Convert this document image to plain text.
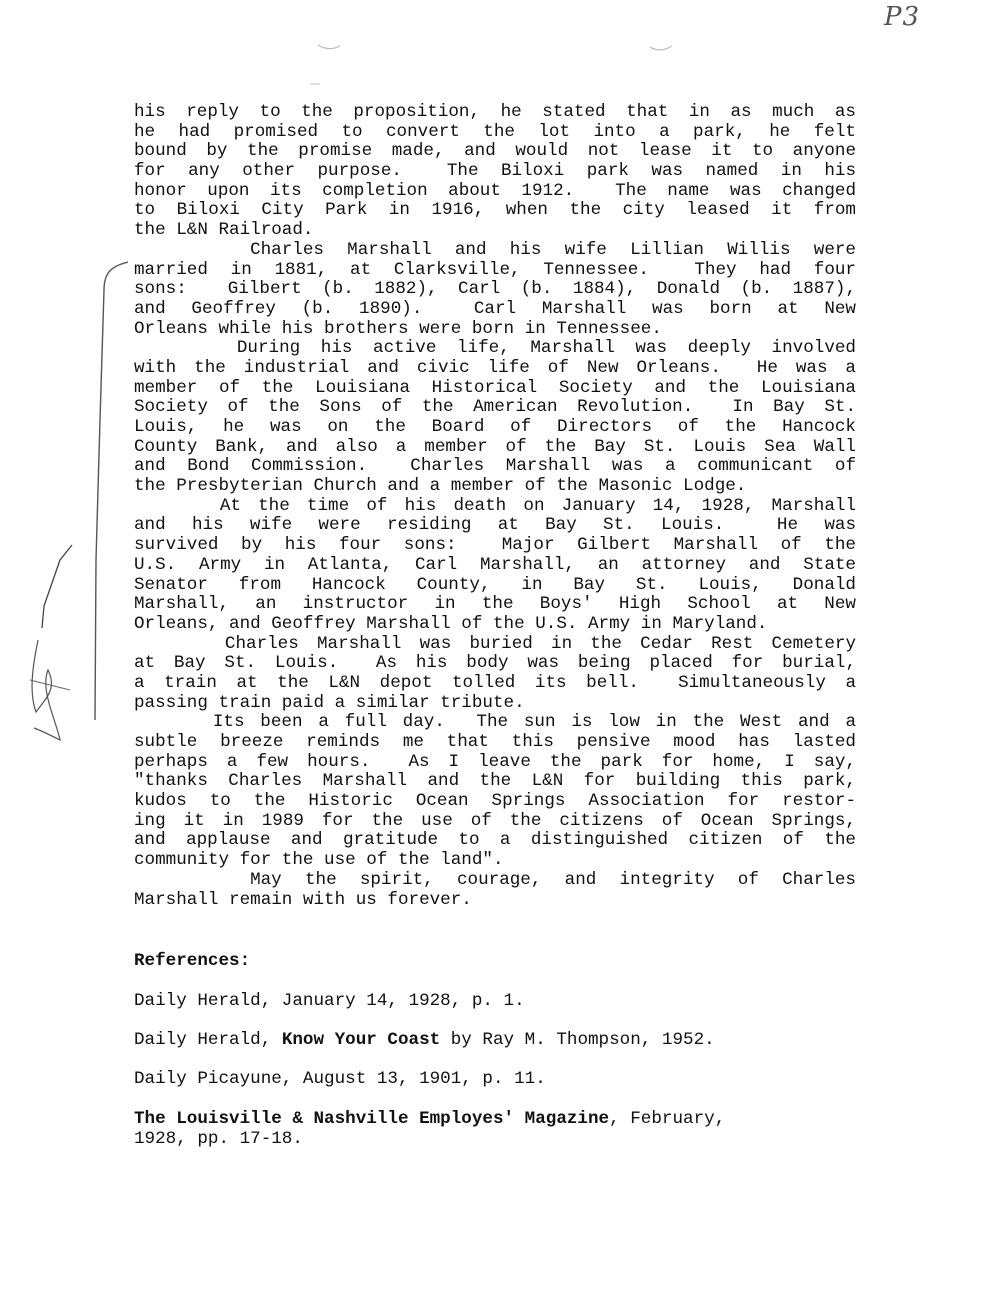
P3
his reply to the proposition, he stated that in as much as
he had promised to convert the lot into a park, he felt
bound by the promise made, and would not lease it to anyone
for any other purpose.  The Biloxi park was named in his
honor upon its completion about 1912.  The name was changed
to Biloxi City Park in 1916, when the city leased it from
the L&N Railroad.
Charles Marshall and his wife Lillian Willis were
married in 1881, at Clarksville, Tennessee.  They had four
sons:  Gilbert (b. 1882), Carl (b. 1884), Donald (b. 1887),
and Geoffrey (b. 1890).  Carl Marshall was born at New
Orleans while his brothers were born in Tennessee.
During his active life, Marshall was deeply involved
with the industrial and civic life of New Orleans.  He was a
member of the Louisiana Historical Society and the Louisiana
Society of the Sons of the American Revolution.  In Bay St.
Louis, he was on the Board of Directors of the Hancock
County Bank, and also a member of the Bay St. Louis Sea Wall
and Bond Commission.  Charles Marshall was a communicant of
the Presbyterian Church and a member of the Masonic Lodge.
At the time of his death on January 14, 1928, Marshall
and his wife were residing at Bay St. Louis.  He was
survived by his four sons:  Major Gilbert Marshall of the
U.S. Army in Atlanta, Carl Marshall, an attorney and State
Senator from Hancock County, in Bay St. Louis, Donald
Marshall, an instructor in the Boys' High School at New
Orleans, and Geoffrey Marshall of the U.S. Army in Maryland.
Charles Marshall was buried in the Cedar Rest Cemetery
at Bay St. Louis.  As his body was being placed for burial,
a train at the L&N depot tolled its bell.  Simultaneously a
passing train paid a similar tribute.
Its been a full day.  The sun is low in the West and a
subtle breeze reminds me that this pensive mood has lasted
perhaps a few hours.  As I leave the park for home, I say,
"thanks Charles Marshall and the L&N for building this park,
kudos to the Historic Ocean Springs Association for restor-
ing it in 1989 for the use of the citizens of Ocean Springs,
and applause and gratitude to a distinguished citizen of the
community for the use of the land".
May the spirit, courage, and integrity of Charles
Marshall remain with us forever.
References:
Daily Herald, January 14, 1928, p. 1.
Daily Herald, Know Your Coast by Ray M. Thompson, 1952.
Daily Picayune, August 13, 1901, p. 11.
The Louisville & Nashville Employes' Magazine, February,
1928, pp. 17-18.
